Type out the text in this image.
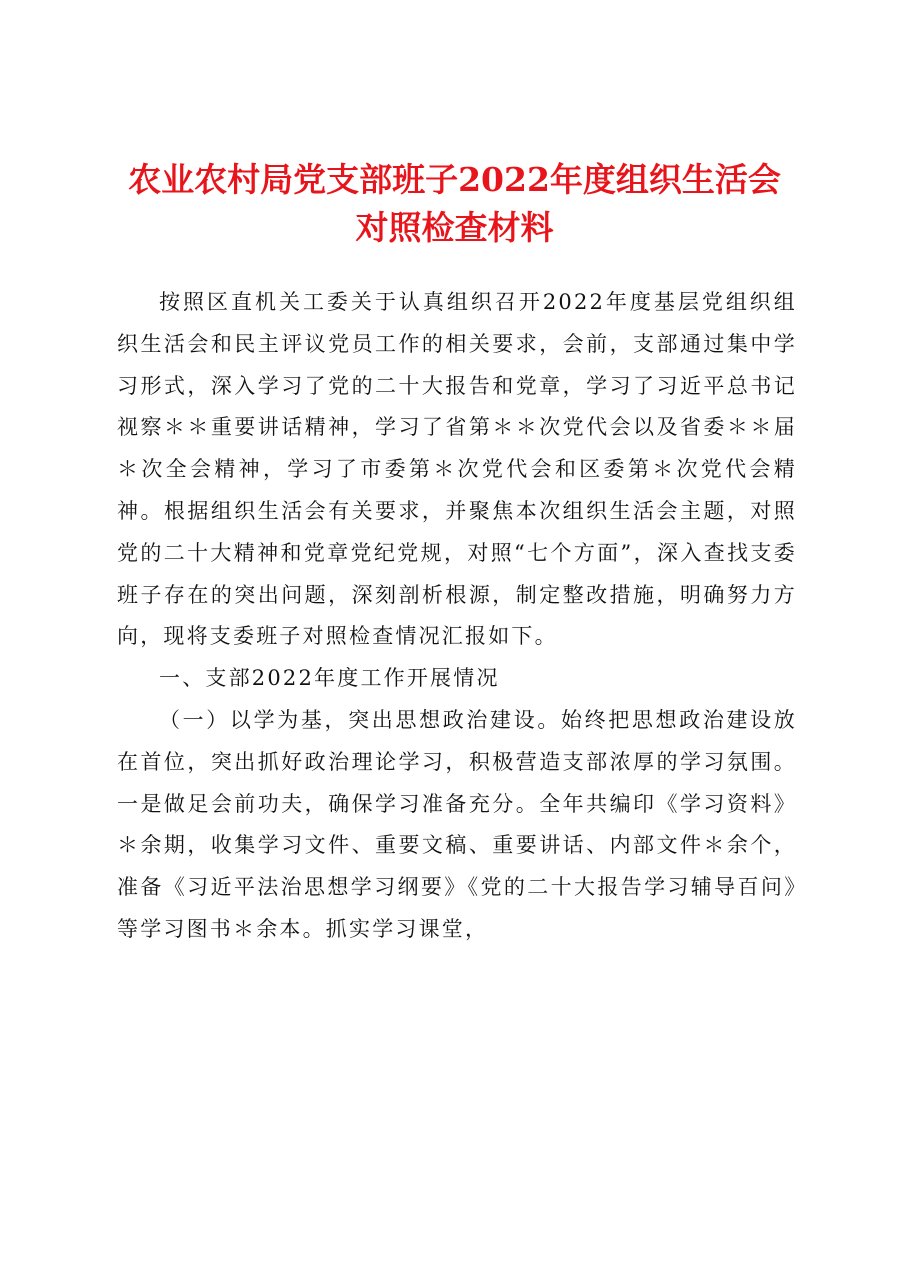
农业农村局党支部班子2022年度组织生活会
对照检查材料

按照区直机关工委关于认真组织召开2022年度基层党组织组织生活会和民主评议党员工作的相关要求，会前，支部通过集中学习形式，深入学习了党的二十大报告和党章，学习了习近平总书记视察＊＊重要讲话精神，学习了省第＊＊次党代会以及省委＊＊届＊次全会精神，学习了市委第＊次党代会和区委第＊次党代会精神。根据组织生活会有关要求，并聚焦本次组织生活会主题，对照党的二十大精神和党章党纪党规，对照“七个方面”，深入查找支委班子存在的突出问题，深刻剖析根源，制定整改措施，明确努力方向，现将支委班子对照检查情况汇报如下。

一、支部2022年度工作开展情况

（一）以学为基，突出思想政治建设。始终把思想政治建设放在首位，突出抓好政治理论学习，积极营造支部浓厚的学习氛围。一是做足会前功夫，确保学习准备充分。全年共编印《学习资料》＊余期，收集学习文件、重要文稿、重要讲话、内部文件＊余个，准备《习近平法治思想学习纲要》《党的二十大报告学习辅导百问》等学习图书＊余本。抓实学习课堂，
